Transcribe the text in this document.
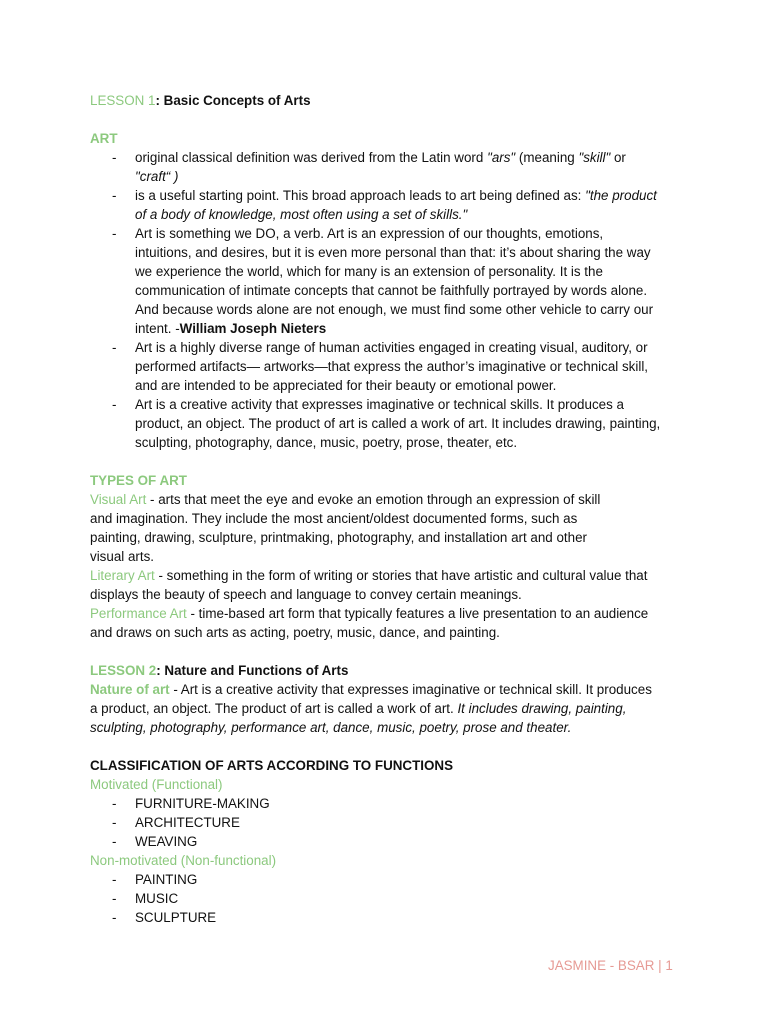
LESSON 1: Basic Concepts of Arts
ART
- original classical definition was derived from the Latin word "ars" (meaning "skill" or
"craft“ )
- is a useful starting point. This broad approach leads to art being defined as: "the product
of a body of knowledge, most often using a set of skills."
- Art is something we DO, a verb. Art is an expression of our thoughts, emotions,
intuitions, and desires, but it is even more personal than that: it’s about sharing the way
we experience the world, which for many is an extension of personality. It is the
communication of intimate concepts that cannot be faithfully portrayed by words alone.
And because words alone are not enough, we must find some other vehicle to carry our
intent. -William Joseph Nieters
- Art is a highly diverse range of human activities engaged in creating visual, auditory, or
performed artifacts— artworks—that express the author’s imaginative or technical skill,
and are intended to be appreciated for their beauty or emotional power.
- Art is a creative activity that expresses imaginative or technical skills. It produces a
product, an object. The product of art is called a work of art. It includes drawing, painting,
sculpting, photography, dance, music, poetry, prose, theater, etc.
TYPES OF ART
Visual Art - arts that meet the eye and evoke an emotion through an expression of skill
and imagination. They include the most ancient/oldest documented forms, such as
painting, drawing, sculpture, printmaking, photography, and installation art and other
visual arts.
Literary Art - something in the form of writing or stories that have artistic and cultural value that
displays the beauty of speech and language to convey certain meanings.
Performance Art - time-based art form that typically features a live presentation to an audience
and draws on such arts as acting, poetry, music, dance, and painting.
LESSON 2: Nature and Functions of Arts
Nature of art - Art is a creative activity that expresses imaginative or technical skill. It produces
a product, an object. The product of art is called a work of art. It includes drawing, painting,
sculpting, photography, performance art, dance, music, poetry, prose and theater.
CLASSIFICATION OF ARTS ACCORDING TO FUNCTIONS
Motivated (Functional)
- FURNITURE-MAKING
- ARCHITECTURE
- WEAVING
Non-motivated (Non-functional)
- PAINTING
- MUSIC
- SCULPTURE
JASMINE - BSAR | 1
